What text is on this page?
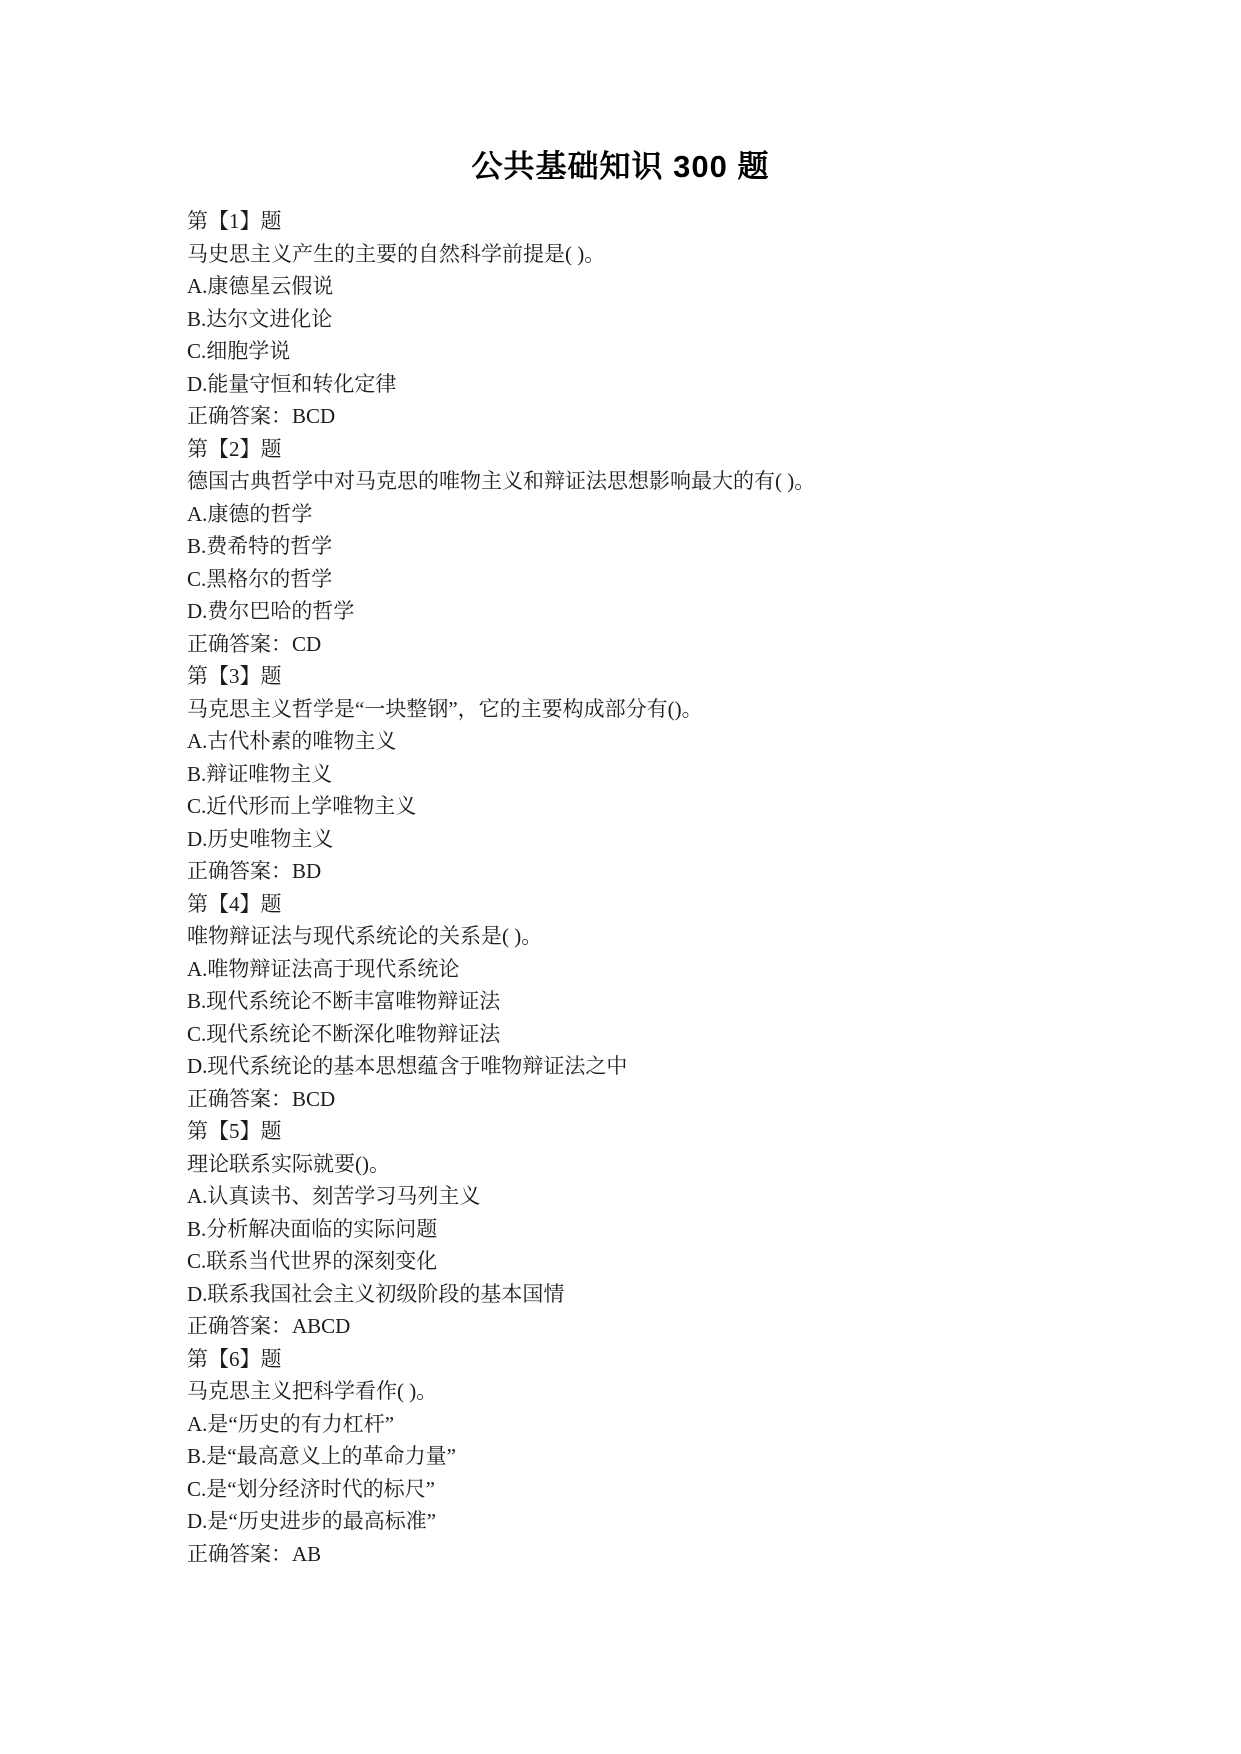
公共基础知识 300 题
第【1】题
马史思主义产生的主要的自然科学前提是( )。
A.康德星云假说
B.达尔文进化论
C.细胞学说
D.能量守恒和转化定律
正确答案：BCD
第【2】题
德国古典哲学中对马克思的唯物主义和辩证法思想影响最大的有( )。
A.康德的哲学
B.费希特的哲学
C.黑格尔的哲学
D.费尔巴哈的哲学
正确答案：CD
第【3】题
马克思主义哲学是“一块整钢”，它的主要构成部分有()。
A.古代朴素的唯物主义
B.辩证唯物主义
C.近代形而上学唯物主义
D.历史唯物主义
正确答案：BD
第【4】题
唯物辩证法与现代系统论的关系是( )。
A.唯物辩证法高于现代系统论
B.现代系统论不断丰富唯物辩证法
C.现代系统论不断深化唯物辩证法
D.现代系统论的基本思想蕴含于唯物辩证法之中
正确答案：BCD
第【5】题
理论联系实际就要()。
A.认真读书、刻苦学习马列主义
B.分析解决面临的实际问题
C.联系当代世界的深刻变化
D.联系我国社会主义初级阶段的基本国情
正确答案：ABCD
第【6】题
马克思主义把科学看作( )。
A.是“历史的有力杠杆”
B.是“最高意义上的革命力量”
C.是“划分经济时代的标尺”
D.是“历史进步的最高标准”
正确答案：AB
